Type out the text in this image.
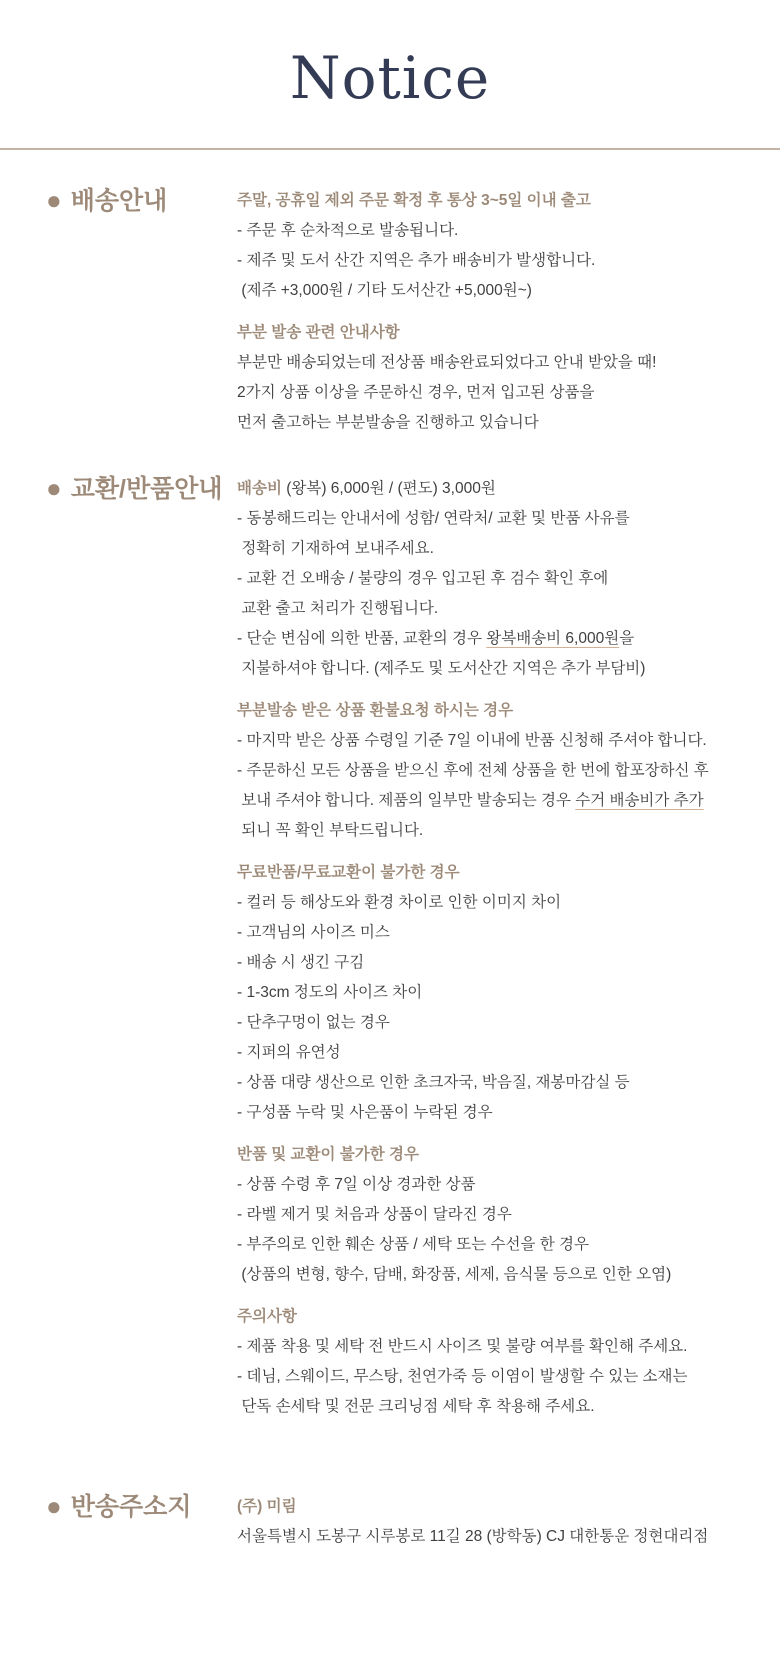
Notice
● 배송안내	주말, 공휴일 제외 주문 확정 후 통상 3~5일 이내 출고

- 주문 후 순차적으로 발송됩니다.

- 제주 및 도서 산간 지역은 추가 배송비가 발생합니다.

(제주 +3,000원 / 기타 도서산간 +5,000원~)

부분 발송 관련 안내사항

부분만 배송되었는데 전상품 배송완료되었다고 안내 받았을 때!

2가지 상품 이상을 주문하신 경우, 먼저 입고된 상품을

먼저 출고하는 부분발송을 진행하고 있습니다

● 교환/반품안내 배송비 (왕복) 6,000원 / (편도) 3,000원

- 동봉해드리는 안내서에 성함/ 연락처/ 교환 및 반품 사유를

정확히 기재하여 보내주세요.

- 교환 건 오배송 / 불량의 경우 입고된 후 검수 확인 후에

교환 출고 처리가 진행됩니다.

- 단순 변심에 의한 반품, 교환의 경우 왕복배송비 6,000원을

지불하셔야 합니다. (제주도 및 도서산간 지역은 추가 부담비)

부분발송 받은 상품 환불요청 하시는 경우

- 마지막 받은 상품 수령일 기준 7일 이내에 반품 신청해 주셔야 합니다.

- 주문하신 모든 상품을 받으신 후에 전체 상품을 한 번에 합포장하신 후

보내 주셔야 합니다. 제품의 일부만 발송되는 경우 수거 배송비가 추가

되니 꼭 확인 부탁드립니다.

무료반품/무료교환이 불가한 경우

- 컬러 등 해상도와 환경 차이로 인한 이미지 차이

- 고객님의 사이즈 미스

- 배송 시 생긴 구김

- 1-3cm 정도의 사이즈 차이

- 단추구멍이 없는 경우

- 지퍼의 유연성

- 상품 대량 생산으로 인한 초크자국, 박음질, 재봉마감실 등

- 구성품 누락 및 사은품이 누락된 경우

반품 및 교환이 불가한 경우

- 상품 수령 후 7일 이상 경과한 상품

- 라벨 제거 및 처음과 상품이 달라진 경우

- 부주의로 인한 훼손 상품 / 세탁 또는 수선을 한 경우

(상품의 변형, 향수, 담배, 화장품, 세제, 음식물 등으로 인한 오염)

주의사항

- 제품 착용 및 세탁 전 반드시 사이즈 및 불량 여부를 확인해 주세요.

- 데님, 스웨이드, 무스탕, 천연가죽 등 이염이 발생할 수 있는 소재는

단독 손세탁 및 전문 크리닝점 세탁 후 착용해 주세요.

● 반송주소지	(주) 미림

서울특별시 도봉구 시루봉로 11길 28 (방학동) CJ 대한통운 정현대리점
